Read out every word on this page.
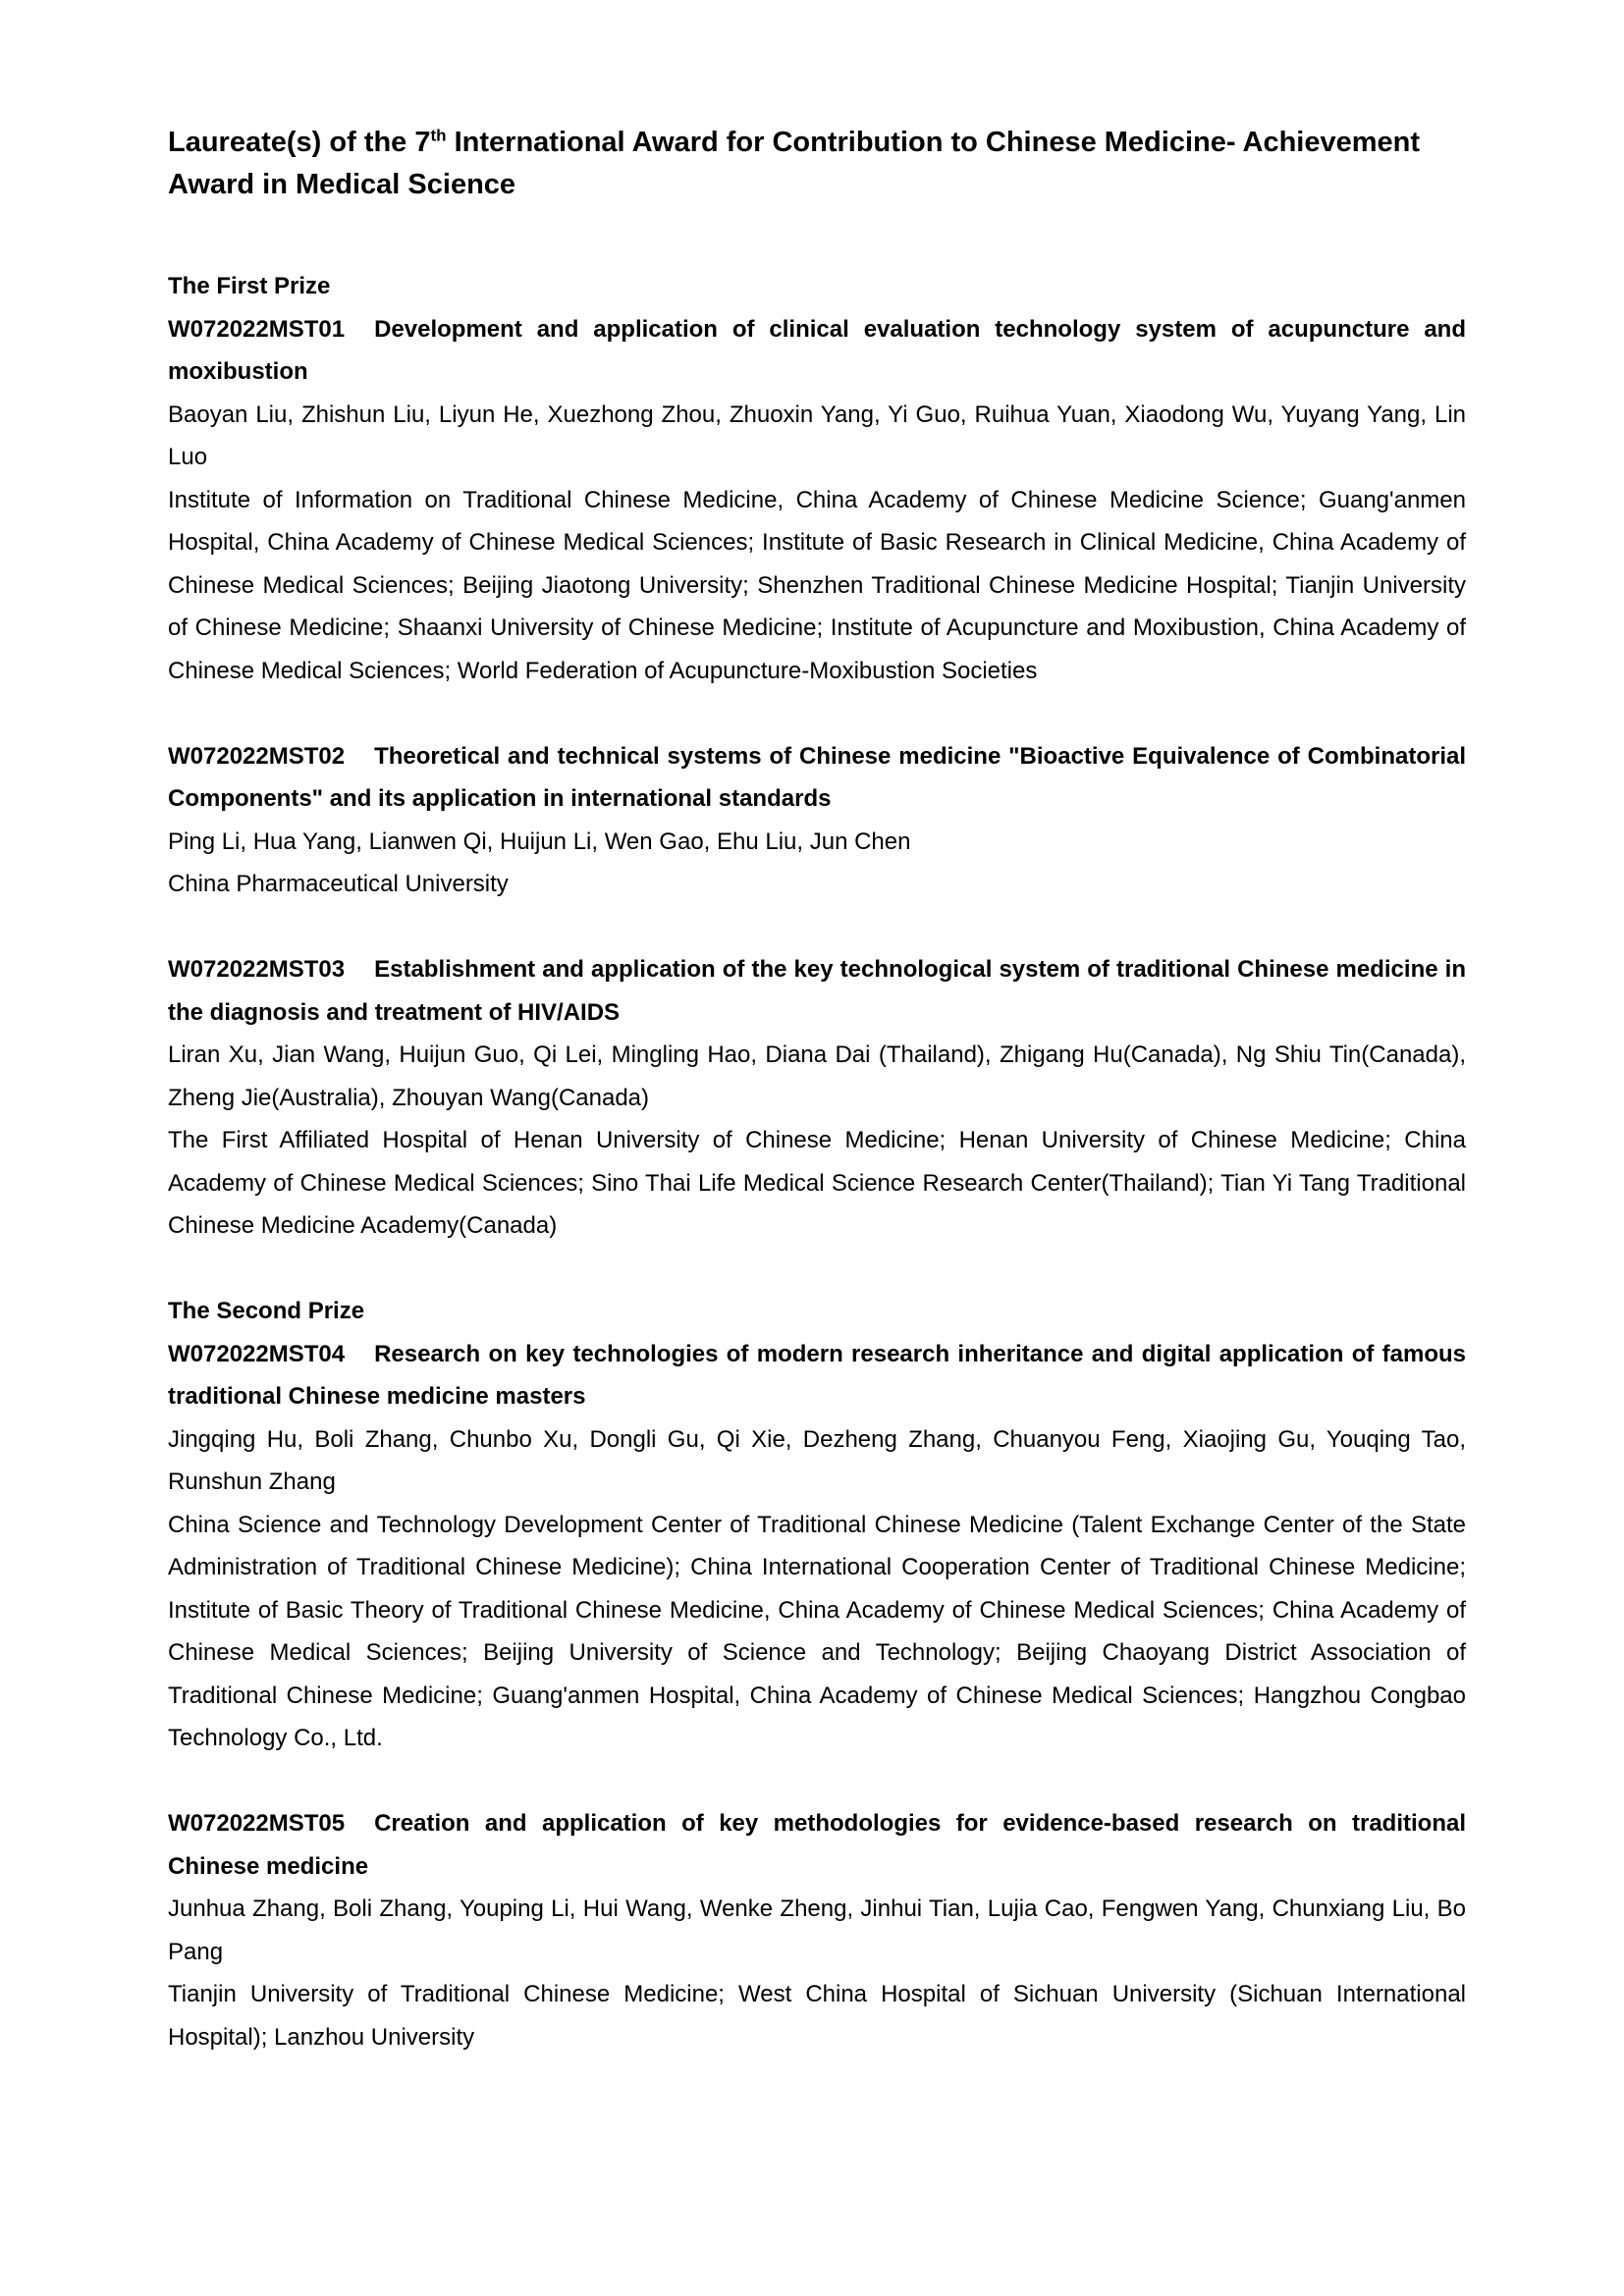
Laureate(s) of the 7th International Award for Contribution to Chinese Medicine- Achievement
Award in Medical Science
The First Prize
W072022MST01 Development and application of clinical evaluation technology system of acupuncture and moxibustion
Baoyan Liu, Zhishun Liu, Liyun He, Xuezhong Zhou, Zhuoxin Yang, Yi Guo, Ruihua Yuan, Xiaodong Wu, Yuyang Yang, Lin Luo
Institute of Information on Traditional Chinese Medicine, China Academy of Chinese Medicine Science; Guang'anmen Hospital, China Academy of Chinese Medical Sciences; Institute of Basic Research in Clinical Medicine, China Academy of Chinese Medical Sciences; Beijing Jiaotong University; Shenzhen Traditional Chinese Medicine Hospital; Tianjin University of Chinese Medicine; Shaanxi University of Chinese Medicine; Institute of Acupuncture and Moxibustion, China Academy of Chinese Medical Sciences; World Federation of Acupuncture-Moxibustion Societies
W072022MST02 Theoretical and technical systems of Chinese medicine "Bioactive Equivalence of Combinatorial Components" and its application in international standards
Ping Li, Hua Yang, Lianwen Qi, Huijun Li, Wen Gao, Ehu Liu, Jun Chen
China Pharmaceutical University
W072022MST03 Establishment and application of the key technological system of traditional Chinese medicine in the diagnosis and treatment of HIV/AIDS
Liran Xu, Jian Wang, Huijun Guo, Qi Lei, Mingling Hao, Diana Dai (Thailand), Zhigang Hu(Canada), Ng Shiu Tin(Canada), Zheng Jie(Australia), Zhouyan Wang(Canada)
The First Affiliated Hospital of Henan University of Chinese Medicine; Henan University of Chinese Medicine; China Academy of Chinese Medical Sciences; Sino Thai Life Medical Science Research Center(Thailand); Tian Yi Tang Traditional Chinese Medicine Academy(Canada)
The Second Prize
W072022MST04 Research on key technologies of modern research inheritance and digital application of famous traditional Chinese medicine masters
Jingqing Hu, Boli Zhang, Chunbo Xu, Dongli Gu, Qi Xie, Dezheng Zhang, Chuanyou Feng, Xiaojing Gu, Youqing Tao, Runshun Zhang
China Science and Technology Development Center of Traditional Chinese Medicine (Talent Exchange Center of the State Administration of Traditional Chinese Medicine); China International Cooperation Center of Traditional Chinese Medicine; Institute of Basic Theory of Traditional Chinese Medicine, China Academy of Chinese Medical Sciences; China Academy of Chinese Medical Sciences; Beijing University of Science and Technology; Beijing Chaoyang District Association of Traditional Chinese Medicine; Guang'anmen Hospital, China Academy of Chinese Medical Sciences; Hangzhou Congbao Technology Co., Ltd.
W072022MST05 Creation and application of key methodologies for evidence-based research on traditional Chinese medicine
Junhua Zhang, Boli Zhang, Youping Li, Hui Wang, Wenke Zheng, Jinhui Tian, Lujia Cao, Fengwen Yang, Chunxiang Liu, Bo Pang
Tianjin University of Traditional Chinese Medicine; West China Hospital of Sichuan University (Sichuan International Hospital); Lanzhou University
